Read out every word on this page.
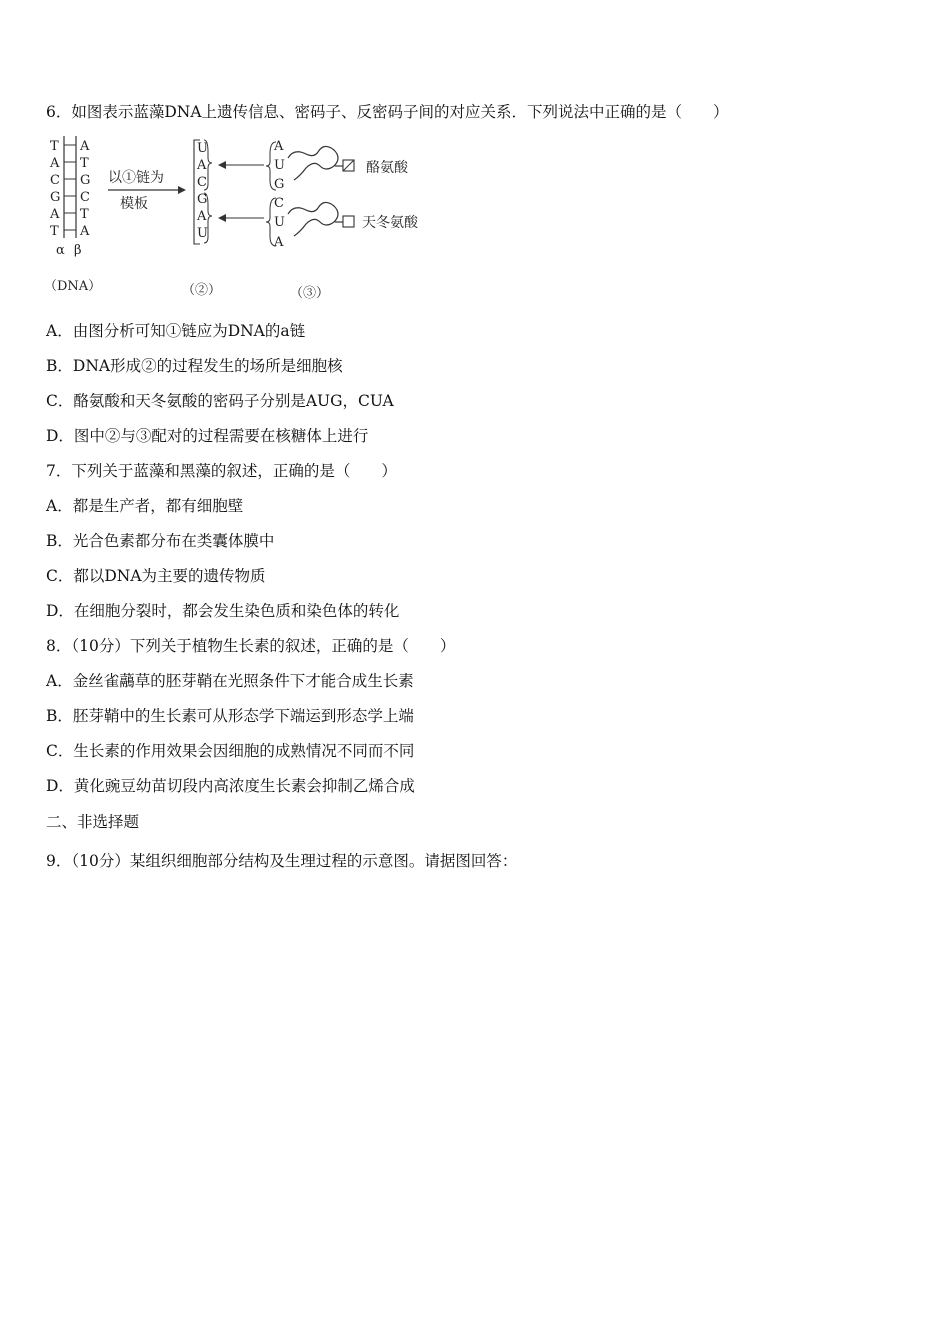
6．如图表示蓝藻DNA上遗传信息、密码子、反密码子间的对应关系．下列说法中正确的是（　　）
T
A
C
G
A
T
A
T
G
C
T
A
α β
以①链为
模板
U
A
C
G
A
U
A
U
G
酪氨酸
C
U
A
天冬氨酸
（DNA）	（②）	（③）
A．由图分析可知①链应为DNA的a链
B．DNA形成②的过程发生的场所是细胞核
C．酪氨酸和天冬氨酸的密码子分别是AUG，CUA
D．图中②与③配对的过程需要在核糖体上进行
7．下列关于蓝藻和黑藻的叙述，正确的是（　　）
A．都是生产者，都有细胞壁
B．光合色素都分布在类囊体膜中
C．都以DNA为主要的遗传物质
D．在细胞分裂时，都会发生染色质和染色体的转化
8．（10分）下列关于植物生长素的叙述，正确的是（　　）
A．金丝雀虉草的胚芽鞘在光照条件下才能合成生长素
B．胚芽鞘中的生长素可从形态学下端运到形态学上端
C．生长素的作用效果会因细胞的成熟情况不同而不同
D．黄化豌豆幼苗切段内高浓度生长素会抑制乙烯合成
二、非选择题
9．（10分）某组织细胞部分结构及生理过程的示意图。请据图回答：
